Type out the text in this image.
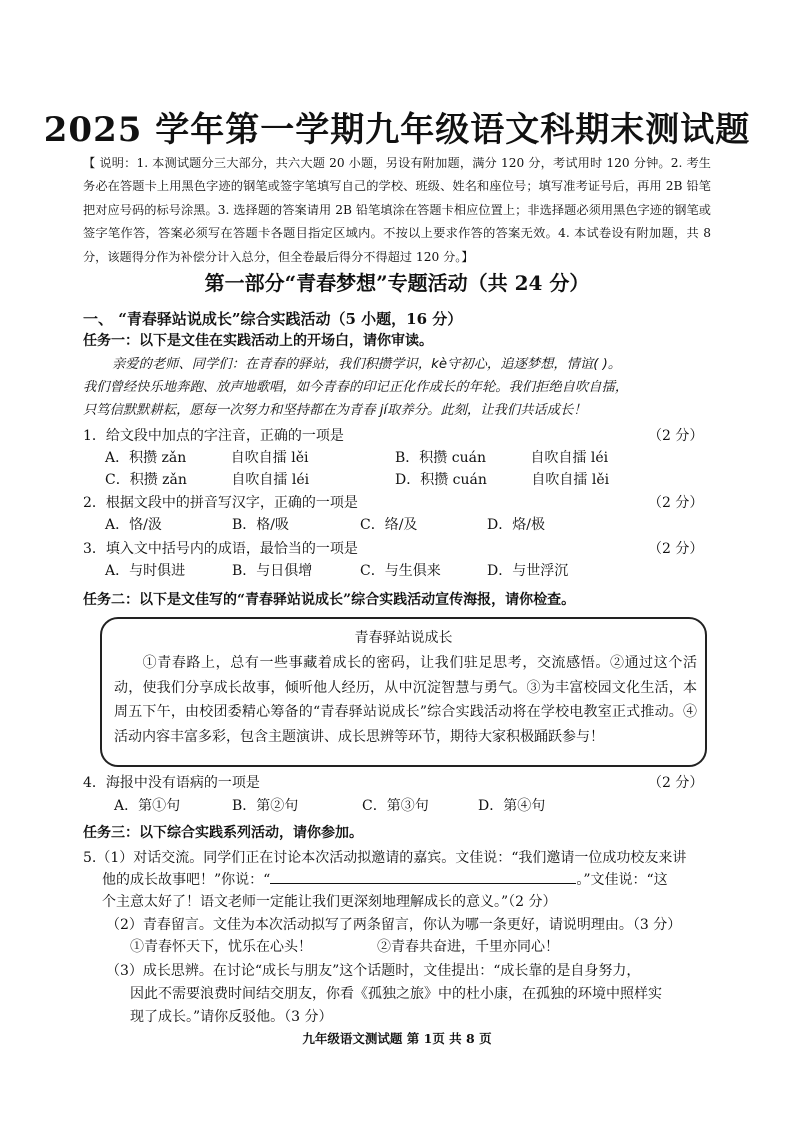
2025 学年第一学期九年级语文科期末测试题
【 说明：1. 本测试题分三大部分，共六大题 20 小题，另设有附加题，满分 120 分，考试用时 120 分钟。2. 考生务必在答题卡上用黑色字迹的钢笔或签字笔填写自己的学校、班级、姓名和座位号；填写准考证号后，再用 2B 铅笔把对应号码的标号涂黑。3. 选择题的答案请用 2B 铅笔填涂在答题卡相应位置上；非选择题必须用黑色字迹的钢笔或签字笔作答，答案必须写在答题卡各题目指定区域内。不按以上要求作答的答案无效。4. 本试卷设有附加题，共 8 分，该题得分作为补偿分计入总分，但全卷最后得分不得超过 120 分。】
第一部分“青春梦想”专题活动（共 24 分）
一、 “青春驿站说成长”综合实践活动（5 小题，16 分）
任务一：以下是文佳在实践活动上的开场白，请你审读。
亲爱的老师、同学们：在青春的驿站，我们积攒学识，kè守初心，追逐梦想，情谊( )。
我们曾经快乐地奔跑、放声地歌唱，如今青春的印记正化作成长的年轮。我们拒绝自吹自擂，
只笃信默默耕耘，愿每一次努力和坚持都在为青春 jí取养分。此刻，让我们共话成长！
1．给文段中加点的字注音，正确的一项是	（2 分）
A．积攒 zǎn          自吹自擂 lěi	B．积攒 cuán          自吹自擂 léi
C．积攒 zǎn          自吹自擂 léi	D．积攒 cuán          自吹自擂 lěi
2．根据文段中的拼音写汉字，正确的一项是	（2 分）
A．恪/汲	B．格/吸	C．络/及	D．烙/极
3．填入文中括号内的成语，最恰当的一项是	（2 分）
A．与时俱进	B．与日俱增	C．与生俱来	D．与世浮沉
任务二：以下是文佳写的“青春驿站说成长”综合实践活动宣传海报，请你检查。
青春驿站说成长
①青春路上，总有一些事藏着成长的密码，让我们驻足思考，交流感悟。②通过这个活动，使我们分享成长故事，倾听他人经历，从中沉淀智慧与勇气。③为丰富校园文化生活，本周五下午，由校团委精心筹备的“青春驿站说成长”综合实践活动将在学校电教室正式推动。④活动内容丰富多彩，包含主题演讲、成长思辨等环节，期待大家积极踊跃参与！
4．海报中没有语病的一项是	（2 分）
A．第①句	B．第②句	C．第③句	D．第④句
任务三：以下综合实践系列活动，请你参加。
5.（1）对话交流。同学们正在讨论本次活动拟邀请的嘉宾。文佳说：“我们邀请一位成功校友来讲
他的成长故事吧！”你说：“	。”文佳说：“这
个主意太好了！语文老师一定能让我们更深刻地理解成长的意义。”（2 分）
（2）青春留言。文佳为本次活动拟写了两条留言，你认为哪一条更好，请说明理由。（3 分）
①青春怀天下，忧乐在心头！	②青春共奋进，千里亦同心！
（3）成长思辨。在讨论“成长与朋友”这个话题时，文佳提出：“成长靠的是自身努力，
因此不需要浪费时间结交朋友，你看《孤独之旅》中的杜小康，在孤独的环境中照样实
现了成长。”请你反驳他。（3 分）
九年级语文测试题 第 1页 共 8 页
